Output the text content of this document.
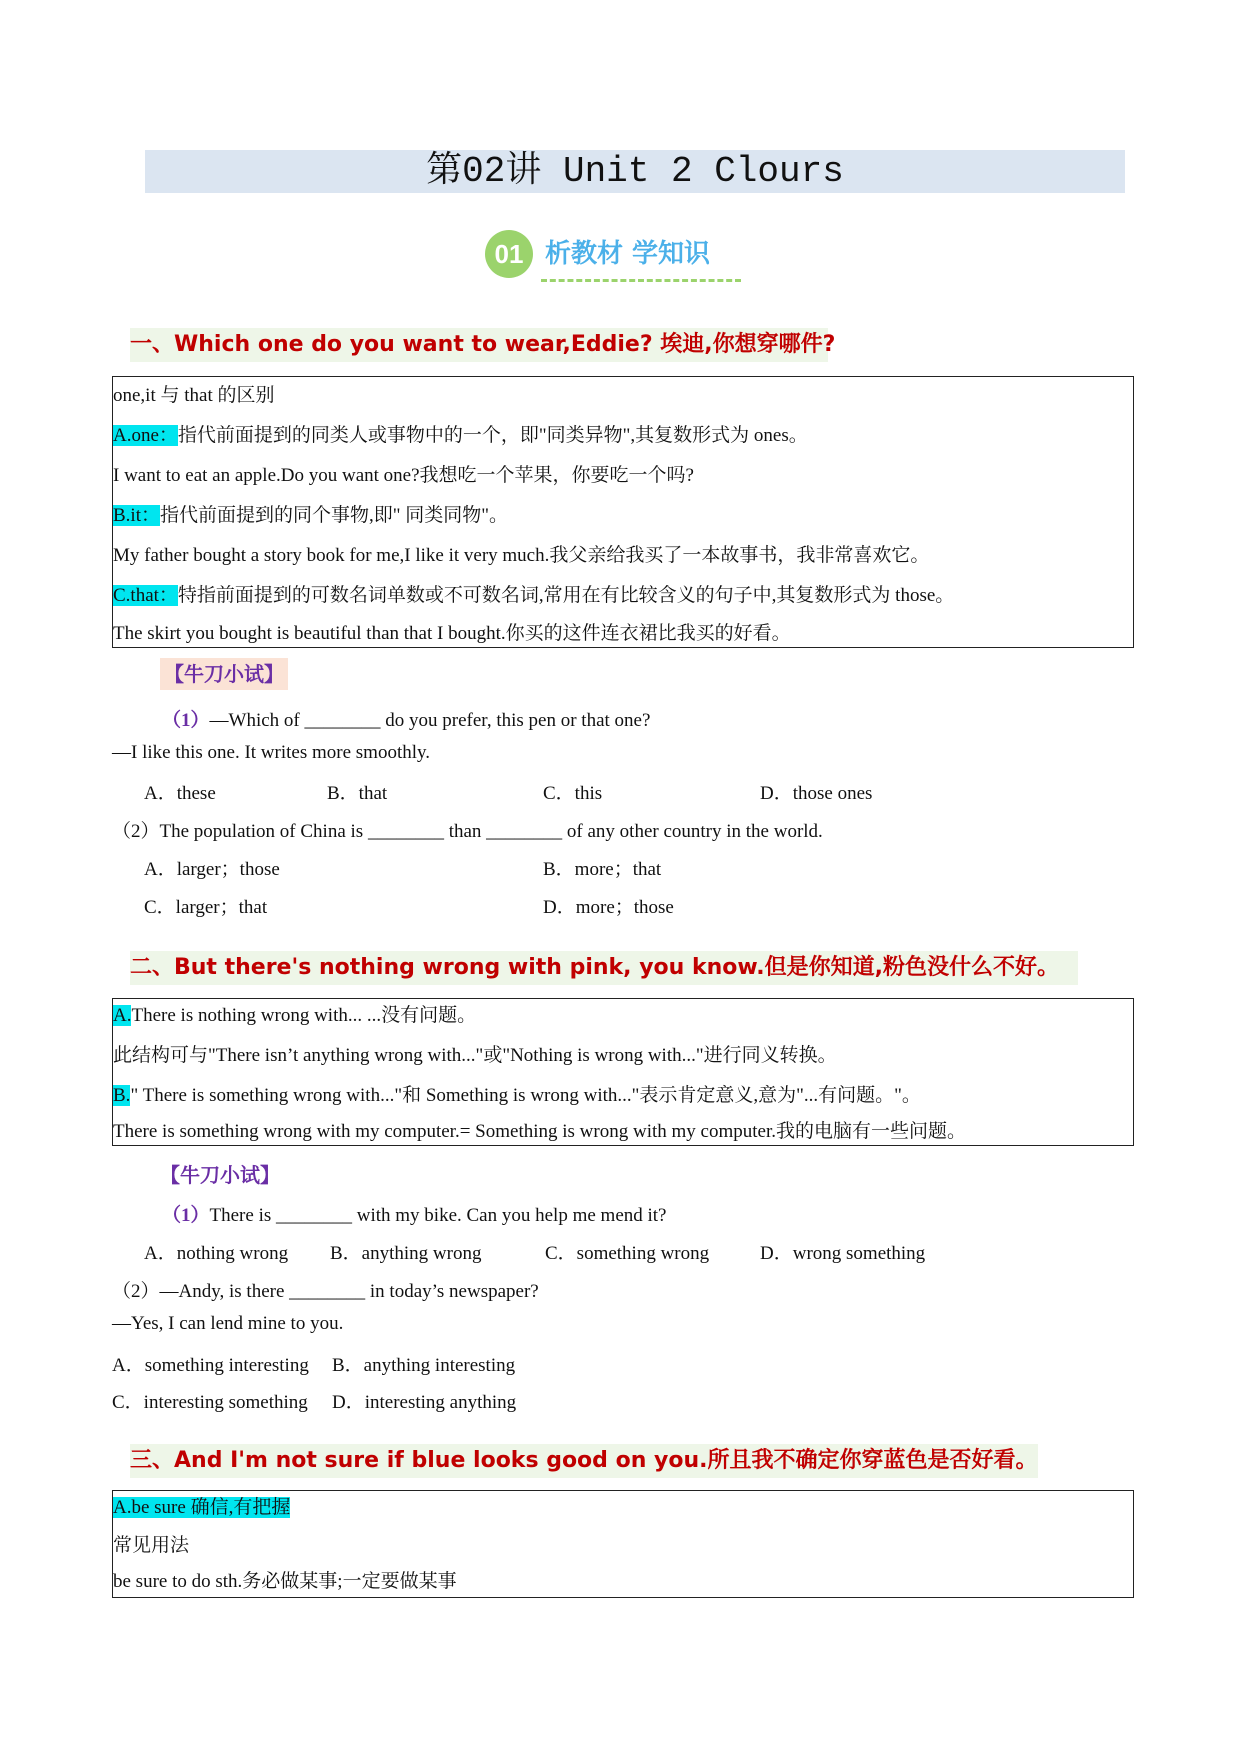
第02讲 Unit 2 Clours
01 析教材 学知识
一、Which one do you want to wear,Eddie? 埃迪,你想穿哪件?
one,it 与 that 的区别
A.one：指代前面提到的同类人或事物中的一个，即"同类异物",其复数形式为 ones。
I want to eat an apple.Do you want one?我想吃一个苹果，你要吃一个吗?
B.it：指代前面提到的同个事物,即" 同类同物"。
My father bought a story book for me,I like it very much.我父亲给我买了一本故事书，我非常喜欢它。
C.that：特指前面提到的可数名词单数或不可数名词,常用在有比较含义的句子中,其复数形式为 those。
The skirt you bought is beautiful than that I bought.你买的这件连衣裙比我买的好看。
【牛刀小试】
（1）—Which of ________ do you prefer, this pen or that one?
—I like this one. It writes more smoothly.
A．these	B．that	C．this	D．those ones
（2）The population of China is ________ than ________ of any other country in the world.
A．larger；those	B．more；that
C．larger；that	D．more；those
二、But there's nothing wrong with pink, you know.但是你知道,粉色没什么不好。
A.There is nothing wrong with... ...没有问题。
此结构可与"There isn’t anything wrong with..."或"Nothing is wrong with..."进行同义转换。
B." There is something wrong with..."和 Something is wrong with..."表示肯定意义,意为"...有问题。"。
There is something wrong with my computer.= Something is wrong with my computer.我的电脑有一些问题。
【牛刀小试】
（1）There is ________ with my bike. Can you help me mend it?
A．nothing wrong B．anything wrong	C．something wrong	D．wrong something
（2）—Andy, is there ________ in today’s newspaper?
—Yes, I can lend mine to you.
A．something interesting B．anything interesting
C．interesting something D．interesting anything
三、And I'm not sure if blue looks good on you.所且我不确定你穿蓝色是否好看。
A.be sure 确信,有把握
常见用法
be sure to do sth.务必做某事;一定要做某事
